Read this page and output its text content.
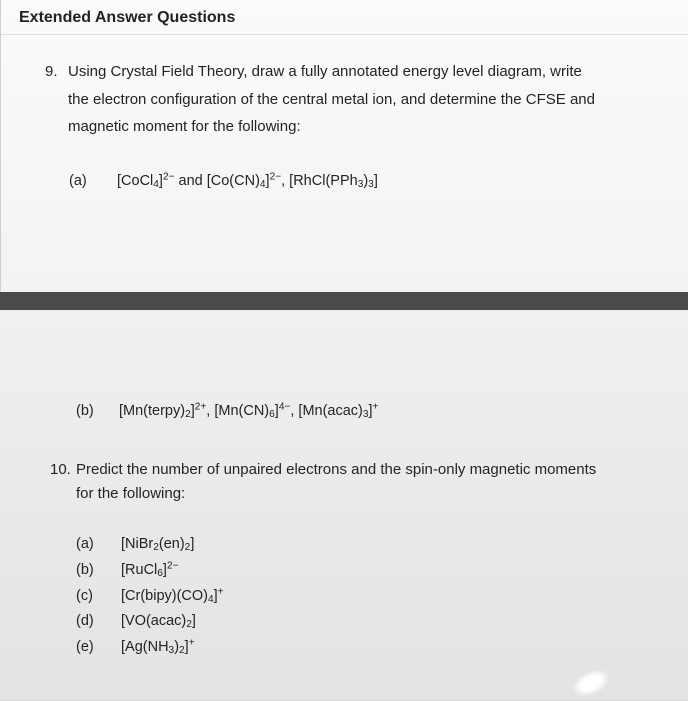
Extended Answer Questions
9. Using Crystal Field Theory, draw a fully annotated energy level diagram, write
the electron configuration of the central metal ion, and determine the CFSE and
magnetic moment for the following:
(a) [CoCl$_4$]$^{2-}$ and $[Co(CN)_4]^{2-}$, $[RhCl(PPh_3)_3]$
(b) $[Mn(terpy)_2]^{2+}$, $[Mn(CN)_6]^{4-}$, $[Mn(acac)_3]^+$
10. Predict the number of unpaired electrons and the spin-only magnetic moments
for the following:
(a) $[NiBr_2(en)_2]$
(b) [RuCl$_6$]$^{2-}$
(c) $[Cr(bipy)(CO)_4]^+$
(d) $[VO(acac)_2]$
(e) $[Ag(NH_3)_2]^+$
